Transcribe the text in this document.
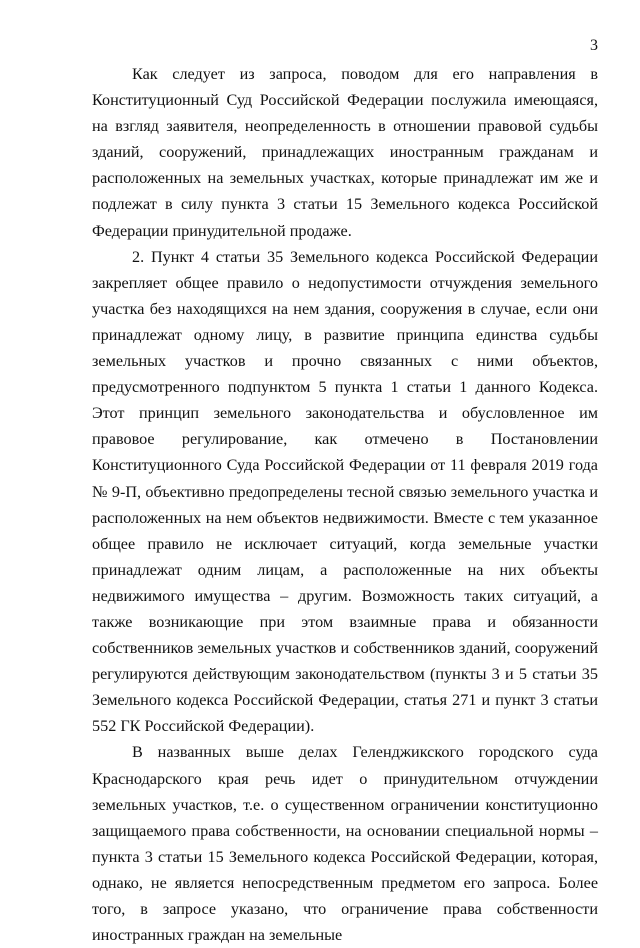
3

Как следует из запроса, поводом для его направления в Конституционный Суд Российской Федерации послужила имеющаяся, на взгляд заявителя, неопределенность в отношении правовой судьбы зданий, сооружений, принадлежащих иностранным гражданам и расположенных на земельных участках, которые принадлежат им же и подлежат в силу пункта 3 статьи 15 Земельного кодекса Российской Федерации принудительной продаже.

2. Пункт 4 статьи 35 Земельного кодекса Российской Федерации закрепляет общее правило о недопустимости отчуждения земельного участка без находящихся на нем здания, сооружения в случае, если они принадлежат одному лицу, в развитие принципа единства судьбы земельных участков и прочно связанных с ними объектов, предусмотренного подпунктом 5 пункта 1 статьи 1 данного Кодекса. Этот принцип земельного законодательства и обусловленное им правовое регулирование, как отмечено в Постановлении Конституционного Суда Российской Федерации от 11 февраля 2019 года № 9-П, объективно предопределены тесной связью земельного участка и расположенных на нем объектов недвижимости. Вместе с тем указанное общее правило не исключает ситуаций, когда земельные участки принадлежат одним лицам, а расположенные на них объекты недвижимого имущества – другим. Возможность таких ситуаций, а также возникающие при этом взаимные права и обязанности собственников земельных участков и собственников зданий, сооружений регулируются действующим законодательством (пункты 3 и 5 статьи 35 Земельного кодекса Российской Федерации, статья 271 и пункт 3 статьи 552 ГК Российской Федерации).

В названных выше делах Геленджикского городского суда Краснодарского края речь идет о принудительном отчуждении земельных участков, т.е. о существенном ограничении конституционно защищаемого права собственности, на основании специальной нормы – пункта 3 статьи 15 Земельного кодекса Российской Федерации, которая, однако, не является непосредственным предметом его запроса. Более того, в запросе указано, что ограничение права собственности иностранных граждан на земельные
